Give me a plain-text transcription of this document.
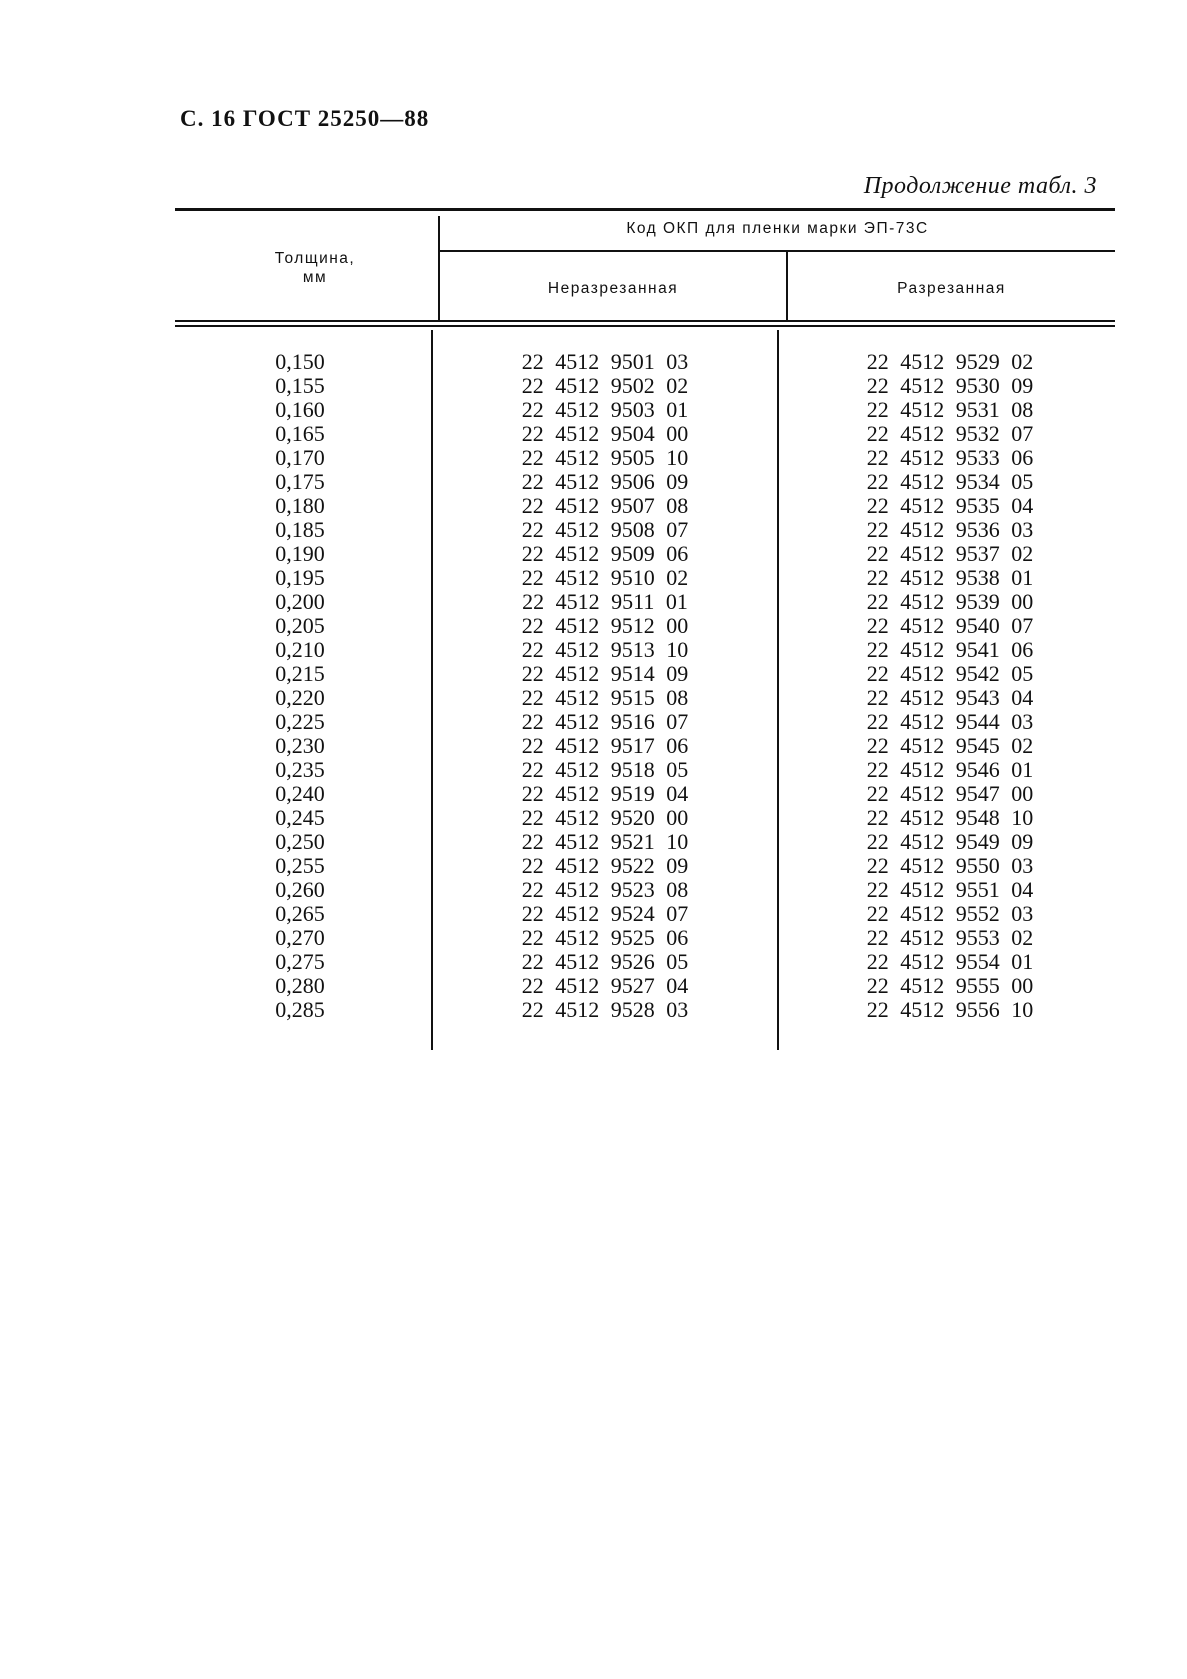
С. 16 ГОСТ 25250—88
Продолжение табл. 3
Толщина,
мм
Код ОКП для пленки марки ЭП-73С
Неразрезанная	Разрезанная
0,150
0,155
0,160
0,165
0,170
0,175
0,180
0,185
0,190
0,195
0,200
0,205
0,210
0,215
0,220
0,225
0,230
0,235
0,240
0,245
0,250
0,255
0,260
0,265
0,270
0,275
0,280
0,285
22 4512 9501 03
22 4512 9502 02
22 4512 9503 01
22 4512 9504 00
22 4512 9505 10
22 4512 9506 09
22 4512 9507 08
22 4512 9508 07
22 4512 9509 06
22 4512 9510 02
22 4512 9511 01
22 4512 9512 00
22 4512 9513 10
22 4512 9514 09
22 4512 9515 08
22 4512 9516 07
22 4512 9517 06
22 4512 9518 05
22 4512 9519 04
22 4512 9520 00
22 4512 9521 10
22 4512 9522 09
22 4512 9523 08
22 4512 9524 07
22 4512 9525 06
22 4512 9526 05
22 4512 9527 04
22 4512 9528 03
22 4512 9529 02
22 4512 9530 09
22 4512 9531 08
22 4512 9532 07
22 4512 9533 06
22 4512 9534 05
22 4512 9535 04
22 4512 9536 03
22 4512 9537 02
22 4512 9538 01
22 4512 9539 00
22 4512 9540 07
22 4512 9541 06
22 4512 9542 05
22 4512 9543 04
22 4512 9544 03
22 4512 9545 02
22 4512 9546 01
22 4512 9547 00
22 4512 9548 10
22 4512 9549 09
22 4512 9550 03
22 4512 9551 04
22 4512 9552 03
22 4512 9553 02
22 4512 9554 01
22 4512 9555 00
22 4512 9556 10
